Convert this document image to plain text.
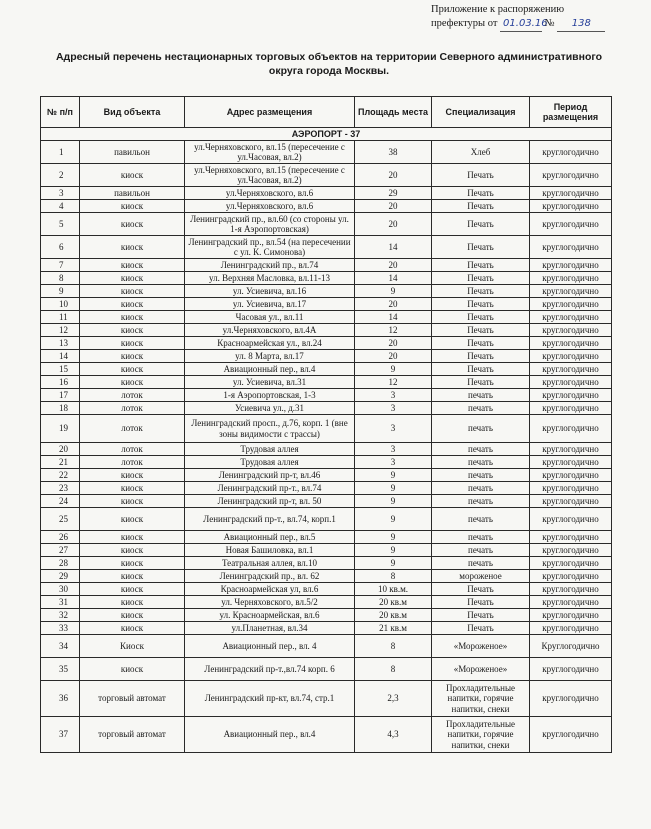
Приложение к распоряжению
префектуры от 01.03.16 № 138
Адресный перечень нестационарных торговых объектов на территории Северного административного округа города Москвы.
№ п/п	Вид объекта	Адрес размещения	Площадь места	Специализация	Период размещения
АЭРОПОРТ - 37					
1	павильон	ул.Черняховского, вл.15 (пересечение с ул.Часовая, вл.2)	38	Хлеб	круглогодично
2	киоск	ул.Черняховского, вл.15 (пересечение с ул.Часовая, вл.2)	20	Печать	круглогодично
3	павильон	ул.Черняховского, вл.6	29	Печать	круглогодично
4	киоск	ул.Черняховского, вл.6	20	Печать	круглогодично
5	киоск	Ленинградский пр., вл.60 (со стороны ул. 1-я Аэропортовская)	20	Печать	круглогодично
6	киоск	Ленинградский пр., вл.54 (на пересечении с ул. К. Симонова)	14	Печать	круглогодично
7	киоск	Ленинградский пр., вл.74	20	Печать	круглогодично
8	киоск	ул. Верхняя Масловка, вл.11-13	14	Печать	круглогодично
9	киоск	ул. Усиевича, вл.16	9	Печать	круглогодично
10	киоск	ул. Усиевича, вл.17	20	Печать	круглогодично
11	киоск	Часовая ул., вл.11	14	Печать	круглогодично
12	киоск	ул.Черняховского, вл.4А	12	Печать	круглогодично
13	киоск	Красноармейская ул., вл.24	20	Печать	круглогодично
14	киоск	ул. 8 Марта, вл.17	20	Печать	круглогодично
15	киоск	Авиационный пер., вл.4	9	Печать	круглогодично
16	киоск	ул. Усиевича, вл.31	12	Печать	круглогодично
17	лоток	1-я Аэропортовская, 1-3	3	печать	круглогодично
18	лоток	Усиевича ул., д.31	3	печать	круглогодично
19	лоток	Ленинградский просп., д.76, корп. 1 (вне зоны видимости с трассы)	3	печать	круглогодично
20	лоток	Трудовая аллея	3	печать	круглогодично
21	лоток	Трудовая аллея	3	печать	круглогодично
22	киоск	Ленинградский пр-т, вл.46	9	печать	круглогодично
23	киоск	Ленинградский пр-т., вл.74	9	печать	круглогодично
24	киоск	Ленинградский пр-т, вл. 50	9	печать	круглогодично
25	киоск	Ленинградский пр-т., вл.74, корп.1	9	печать	круглогодично
26	киоск	Авиационный пер., вл.5	9	печать	круглогодично
27	киоск	Новая Башиловка, вл.1	9	печать	круглогодично
28	киоск	Театральная аллея, вл.10	9	печать	круглогодично
29	киоск	Ленинградский пр., вл. 62	8	мороженое	круглогодично
30	киоск	Красноармейская ул, вл.6	10 кв.м.	Печать	круглогодично
31	киоск	ул. Черняховского, вл.5/2	20 кв.м	Печать	круглогодично
32	киоск	ул. Красноармейская, вл.6	20 кв.м	Печать	круглогодично
33	киоск	ул.Планетная, вл.34	21 кв.м	Печать	круглогодично
34	Киоск	Авиационный пер., вл. 4	8	«Мороженое»	Круглогодично
35	киоск	Ленинградский пр-т.,вл.74 корп. 6	8	«Мороженое»	круглогодично
36	торговый автомат	Ленинградский пр-кт, вл.74, стр.1	2,3	Прохладительные напитки, горячие напитки, снеки	круглогодично
37	торговый автомат	Авиационный пер., вл.4	4,3	Прохладительные напитки, горячие напитки, снеки	круглогодично
